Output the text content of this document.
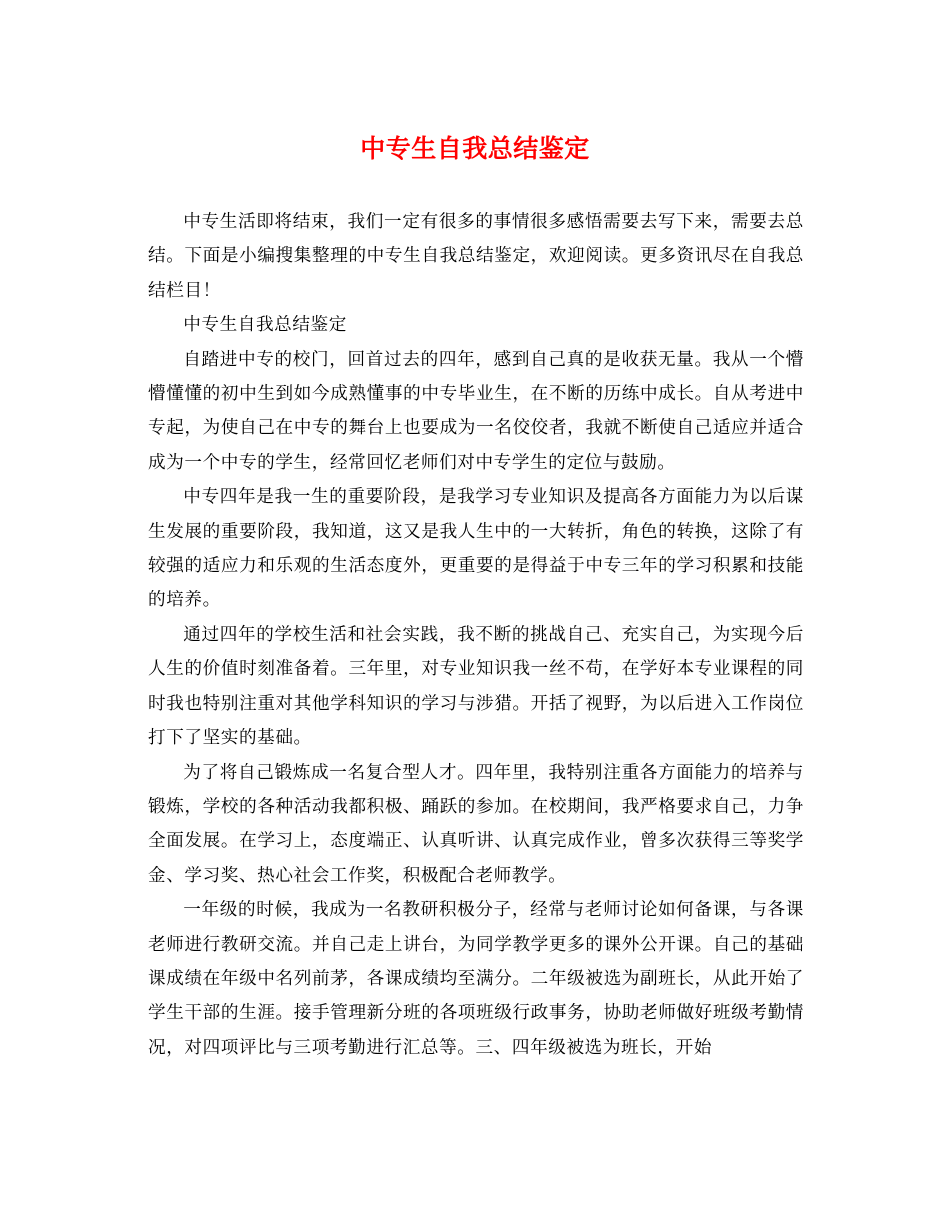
中专生自我总结鉴定

中专生活即将结束，我们一定有很多的事情很多感悟需要去写下来，需要去总结。下面是小编搜集整理的中专生自我总结鉴定，欢迎阅读。更多资讯尽在自我总结栏目！

中专生自我总结鉴定

自踏进中专的校门，回首过去的四年，感到自己真的是收获无量。我从一个懵懵懂懂的初中生到如今成熟懂事的中专毕业生，在不断的历练中成长。自从考进中专起，为使自己在中专的舞台上也要成为一名佼佼者，我就不断使自己适应并适合成为一个中专的学生，经常回忆老师们对中专学生的定位与鼓励。

中专四年是我一生的重要阶段，是我学习专业知识及提高各方面能力为以后谋生发展的重要阶段，我知道，这又是我人生中的一大转折，角色的转换，这除了有较强的适应力和乐观的生活态度外，更重要的是得益于中专三年的学习积累和技能的培养。

通过四年的学校生活和社会实践，我不断的挑战自己、充实自己，为实现今后人生的价值时刻准备着。三年里，对专业知识我一丝不苟，在学好本专业课程的同时我也特别注重对其他学科知识的学习与涉猎。开括了视野，为以后进入工作岗位打下了坚实的基础。

为了将自己锻炼成一名复合型人才。四年里，我特别注重各方面能力的培养与锻炼，学校的各种活动我都积极、踊跃的参加。在校期间，我严格要求自己，力争全面发展。在学习上，态度端正、认真听讲、认真完成作业，曾多次获得三等奖学金、学习奖、热心社会工作奖，积极配合老师教学。

一年级的时候，我成为一名教研积极分子，经常与老师讨论如何备课，与各课老师进行教研交流。并自己走上讲台，为同学教学更多的课外公开课。自己的基础课成绩在年级中名列前茅，各课成绩均至满分。二年级被选为副班长，从此开始了学生干部的生涯。接手管理新分班的各项班级行政事务，协助老师做好班级考勤情况，对四项评比与三项考勤进行汇总等。三、四年级被选为班长，开始
